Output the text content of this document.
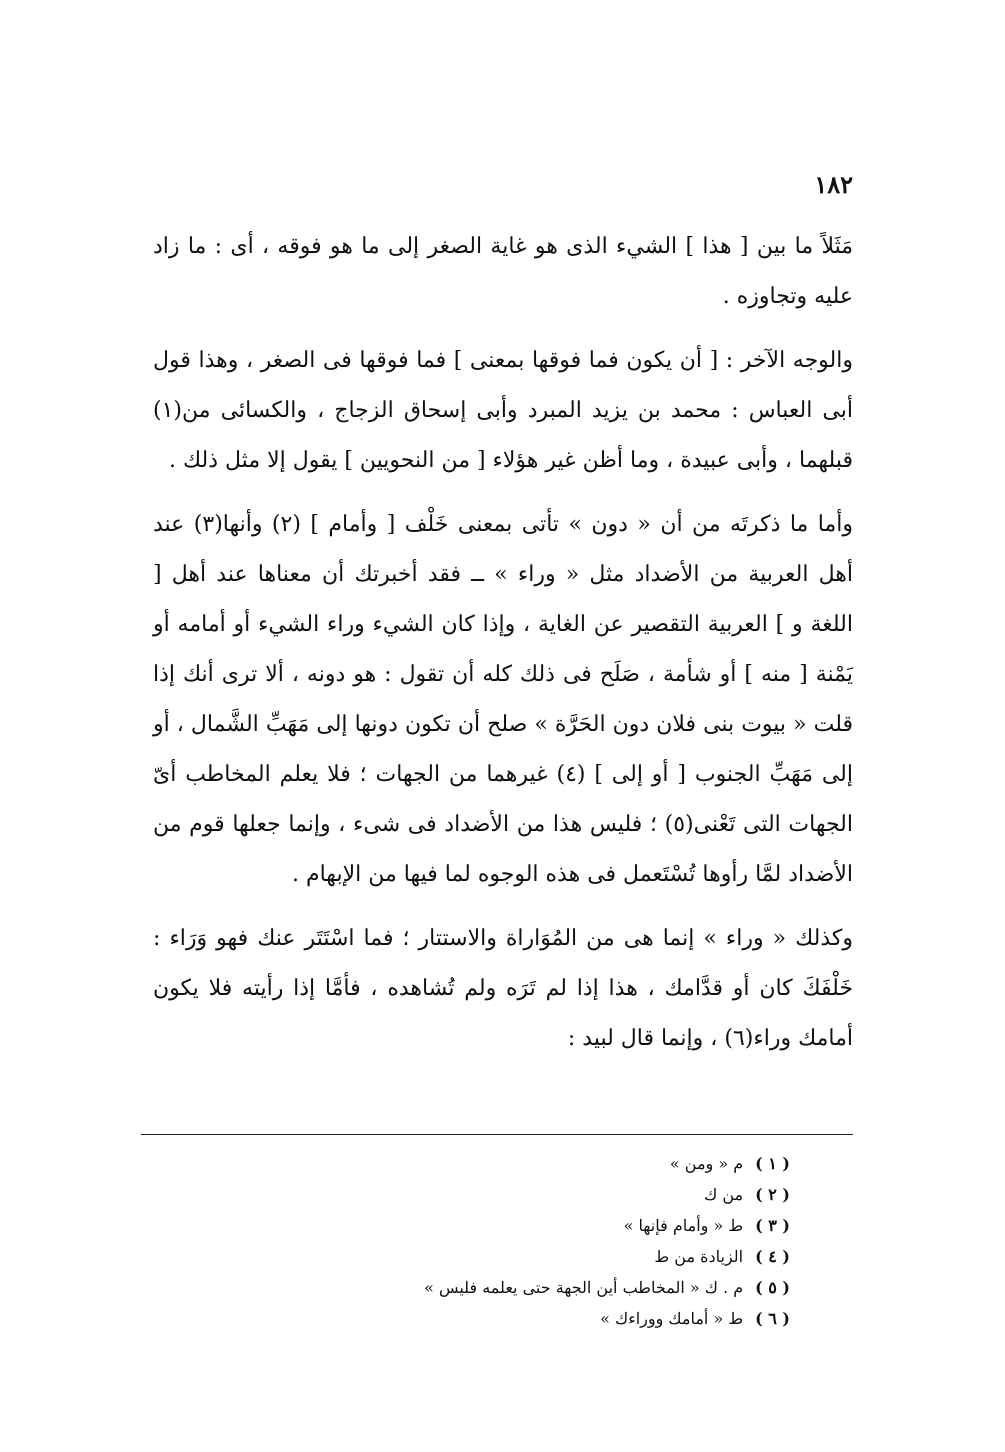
١٨٢

مَثَلاً ما بين [ هذا ] الشيء الذى هو غاية الصغر إلى ما هو فوقه ، أى : ما زاد عليه وتجاوزه .

والوجه الآخر : [ أن يكون فما فوقها بمعنى ] فما فوقها فى الصغر ، وهذا قول أبى العباس : محمد بن يزيد المبرد وأبى إسحاق الزجاج ، والكسائى من(١) قبلهما ، وأبى عبيدة ، وما أظن غير هؤلاء [ من النحويين ] يقول إلا مثل ذلك .

وأما ما ذكرتَه من أن « دون » تأتى بمعنى خَلْف [ وأمام ] (٢) وأنها(٣) عند أهل العربية من الأضداد مثل « وراء » ــ فقد أخبرتك أن معناها عند أهل [ اللغة و ] العربية التقصير عن الغاية ، وإذا كان الشيء وراء الشيء أو أمامه أو يَمْنة [ منه ] أو شأمة ، صَلَح فى ذلك كله أن تقول : هو دونه ، ألا ترى أنك إذا قلت « بيوت بنى فلان دون الحَرَّة » صلح أن تكون دونها إلى مَهَبِّ الشَّمال ، أو إلى مَهَبِّ الجنوب [ أو إلى ] (٤) غيرهما من الجهات ؛ فلا يعلم المخاطب أىّ الجهات التى تَعْنى(٥) ؛ فليس هذا من الأضداد فى شىء ، وإنما جعلها قوم من الأضداد لمَّا رأوها تُسْتَعمل فى هذه الوجوه لما فيها من الإبهام .

وكذلك « وراء » إنما هى من المُوَاراة والاستتار ؛ فما اسْتَتَر عنك فهو وَرَاء : خَلْفَكَ كان أو قدَّامك ، هذا إذا لم تَرَه ولم تُشاهده ، فأمَّا إذا رأيته فلا يكون أمامك وراء(٦) ، وإنما قال لبيد :

( ١ )
م « ومن »
( ٢ )
من ك
( ٣ )
ط « وأمام فإنها »
( ٤ )
الزيادة من ط
( ٥ )
م . ك « المخاطب أين الجهة حتى يعلمه فليس »
( ٦ )
ط « أمامك ووراءك »
